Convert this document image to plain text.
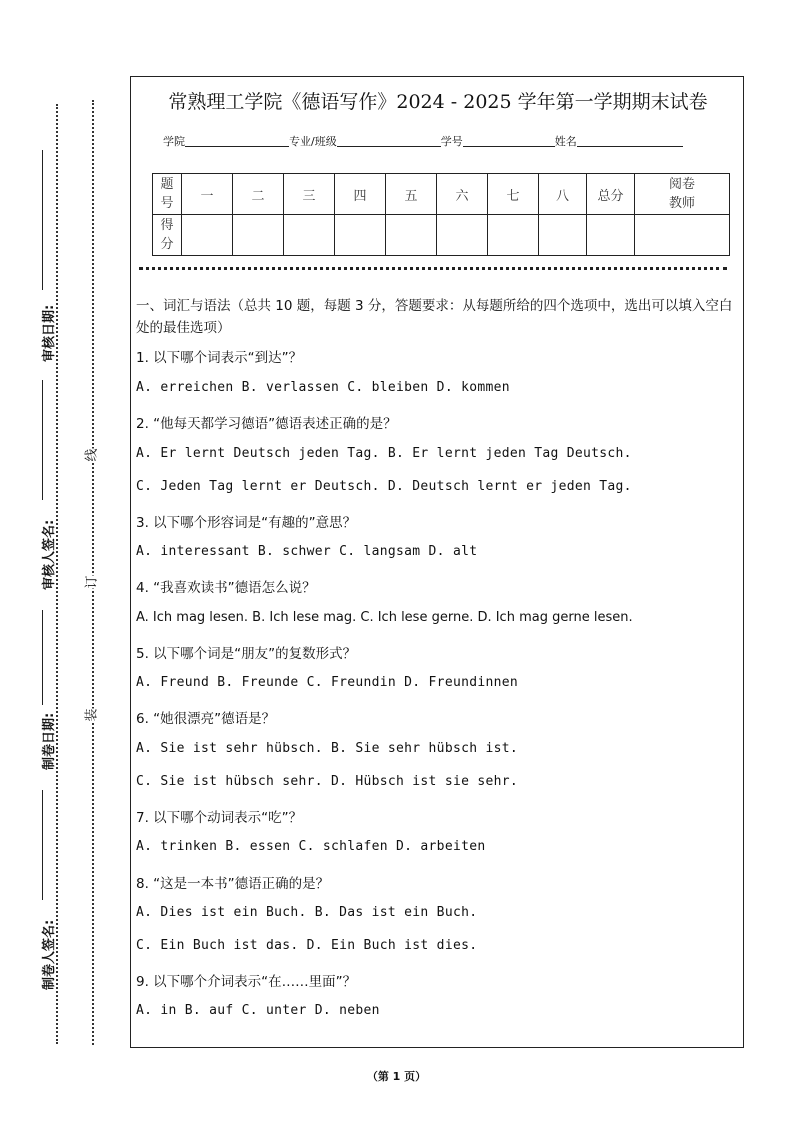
审核日期:
审核人签名:
制卷日期:
制卷人签名:
线
订
装
常熟理工学院《德语写作》2024 - 2025 学年第一学期期末试卷
学院	专业/班级	学号	姓名
题
号	一	二	三	四	五	六	七	八	总分	阅卷
教师
得
分										
一、词汇与语法（总共 10 题，每题 3 分，答题要求：从每题所给的四个选项中，选出可以填入空白处的最佳选项）
1. 以下哪个词表示“到达”？
A. erreichen B. verlassen C. bleiben D. kommen
2. “他每天都学习德语”德语表述正确的是？
A. Er lernt Deutsch jeden Tag. B. Er lernt jeden Tag Deutsch.
C. Jeden Tag lernt er Deutsch. D. Deutsch lernt er jeden Tag.
3. 以下哪个形容词是“有趣的”意思？
A. interessant B. schwer C. langsam D. alt
4. “我喜欢读书”德语怎么说？
A. Ich mag lesen. B. Ich lese mag. C. Ich lese gerne. D. Ich mag gerne lesen.
5. 以下哪个词是“朋友”的复数形式？
A. Freund B. Freunde C. Freundin D. Freundinnen
6. “她很漂亮”德语是？
A. Sie ist sehr hübsch. B. Sie sehr hübsch ist.
C. Sie ist hübsch sehr. D. Hübsch ist sie sehr.
7. 以下哪个动词表示“吃”？
A. trinken B. essen C. schlafen D. arbeiten
8. “这是一本书”德语正确的是？
A. Dies ist ein Buch. B. Das ist ein Buch.
C. Ein Buch ist das. D. Ein Buch ist dies.
9. 以下哪个介词表示“在……里面”？
A. in B. auf C. unter D. neben
（第 1 页）
